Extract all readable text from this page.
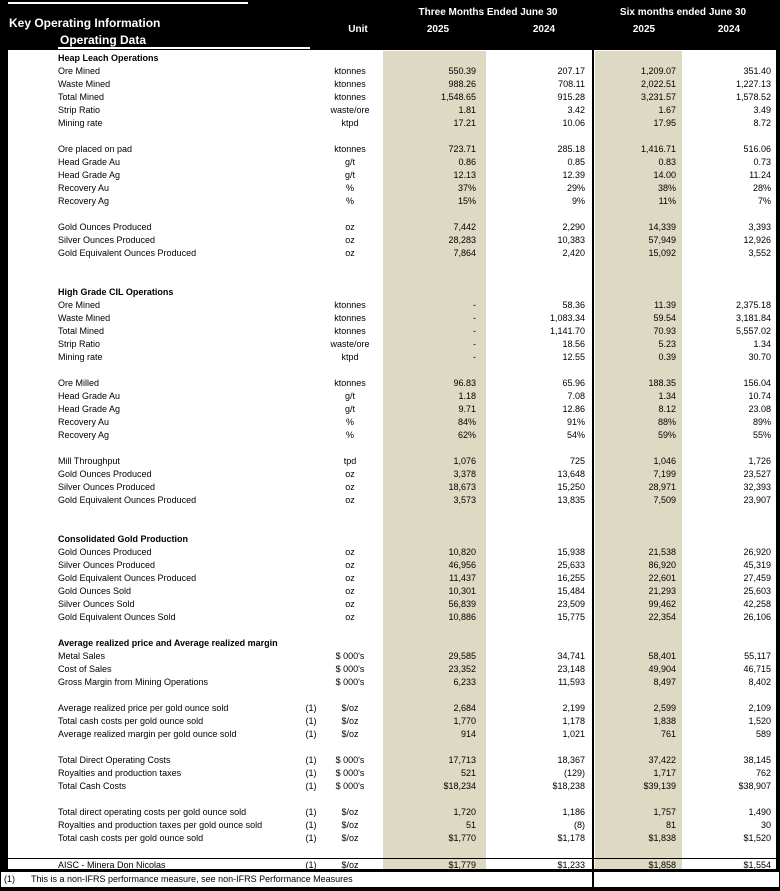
Key Operating Information
Operating Data
Unit
Three Months Ended June 30	Six months ended June 30
2025	2024	2025	2024
Heap Leach Operations
Ore Mined	ktonnes	550.39	207.17	1,209.07	351.40
Waste Mined	ktonnes	988.26	708.11	2,022.51	1,227.13
Total Mined	ktonnes	1,548.65	915.28	3,231.57	1,578.52
Strip Ratio	waste/ore	1.81	3.42	1.67	3.49
Mining rate	ktpd	17.21	10.06	17.95	8.72
Ore placed on pad	ktonnes	723.71	285.18	1,416.71	516.06
Head Grade Au	g/t	0.86	0.85	0.83	0.73
Head Grade Ag	g/t	12.13	12.39	14.00	11.24
Recovery Au	%	37%	29%	38%	28%
Recovery Ag	%	15%	9%	11%	7%
Gold Ounces Produced	oz	7,442	2,290	14,339	3,393
Silver Ounces Produced	oz	28,283	10,383	57,949	12,926
Gold Equivalent Ounces Produced	oz	7,864	2,420	15,092	3,552
High Grade CIL Operations
Ore Mined	ktonnes	-	58.36	11.39	2,375.18
Waste Mined	ktonnes	-	1,083.34	59.54	3,181.84
Total Mined	ktonnes	-	1,141.70	70.93	5,557.02
Strip Ratio	waste/ore	-	18.56	5.23	1.34
Mining rate	ktpd	-	12.55	0.39	30.70
Ore Milled	ktonnes	96.83	65.96	188.35	156.04
Head Grade Au	g/t	1.18	7.08	1.34	10.74
Head Grade Ag	g/t	9.71	12.86	8.12	23.08
Recovery Au	%	84%	91%	88%	89%
Recovery Ag	%	62%	54%	59%	55%
Mill Throughput	tpd	1,076	725	1,046	1,726
Gold Ounces Produced	oz	3,378	13,648	7,199	23,527
Silver Ounces Produced	oz	18,673	15,250	28,971	32,393
Gold Equivalent Ounces Produced	oz	3,573	13,835	7,509	23,907
Consolidated Gold Production
Gold Ounces Produced	oz	10,820	15,938	21,538	26,920
Silver Ounces Produced	oz	46,956	25,633	86,920	45,319
Gold Equivalent Ounces Produced	oz	11,437	16,255	22,601	27,459
Gold Ounces Sold	oz	10,301	15,484	21,293	25,603
Silver Ounces Sold	oz	56,839	23,509	99,462	42,258
Gold Equivalent Ounces Sold	oz	10,886	15,775	22,354	26,106
Average realized price and Average realized margin
Metal Sales	$ 000's	29,585	34,741	58,401	55,117
Cost of Sales	$ 000's	23,352	23,148	49,904	46,715
Gross Margin from Mining Operations	$ 000's	6,233	11,593	8,497	8,402
Average realized price per gold ounce sold	(1)	$/oz	2,684	2,199	2,599	2,109
Total cash costs per gold ounce sold	(1)	$/oz	1,770	1,178	1,838	1,520
Average realized margin per gold ounce sold	(1)	$/oz	914	1,021	761	589
Total Direct Operating Costs	(1)	$ 000's	17,713	18,367	37,422	38,145
Royalties and production taxes	(1)	$ 000's	521	(129)	1,717	762
Total Cash Costs	(1)	$ 000's	$18,234	$18,238	$39,139	$38,907
Total direct operating costs per gold ounce sold	(1)	$/oz	1,720	1,186	1,757	1,490
Royalties and production taxes per gold ounce sold	(1)	$/oz	51	(8)	81	30
Total cash costs per gold ounce sold	(1)	$/oz	$1,770	$1,178	$1,838	$1,520
AISC - Minera Don Nicolas	(1)	$/oz	$1,779	$1,233	$1,858	$1,554
(1) This is a non-IFRS performance measure, see non-IFRS Performance Measures
